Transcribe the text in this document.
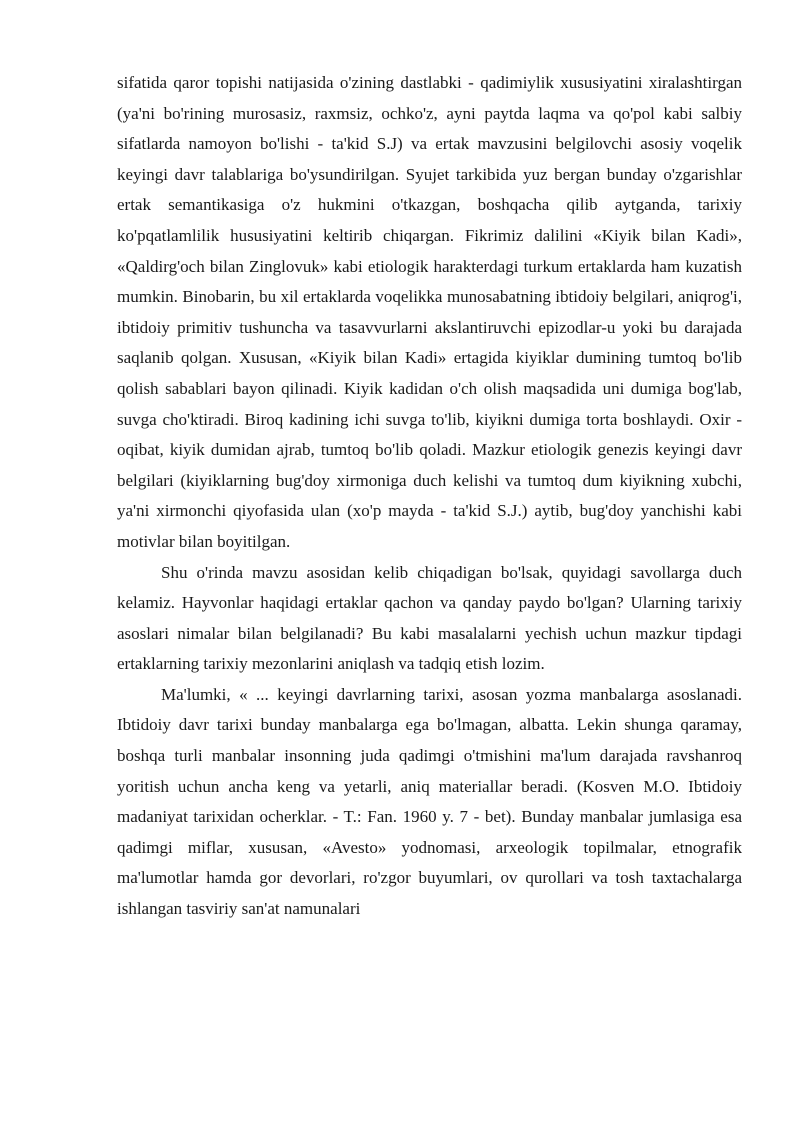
sifatida qaror topishi natijasida o'zining dastlabki - qadimiylik xususiyatini xiralashtirgan (ya'ni bo'rining murosasiz, raxmsiz, ochko'z, ayni paytda laqma va qo'pol kabi salbiy sifatlarda namoyon bo'lishi - ta'kid S.J) va ertak mavzusini belgilovchi asosiy voqelik keyingi davr talablariga bo'ysundirilgan. Syujet tarkibida yuz bergan bunday o'zgarishlar ertak semantikasiga o'z hukmini o'tkazgan, boshqacha qilib aytganda, tarixiy ko'pqatlamlilik hususiyatini keltirib chiqargan. Fikrimiz dalilini «Kiyik bilan Kadi», «Qaldirg'och bilan Zinglovuk» kabi etiologik harakterdagi turkum ertaklarda ham kuzatish mumkin. Binobarin, bu xil ertaklarda voqelikka munosabatning ibtidoiy belgilari, aniqrog'i, ibtidoiy primitiv tushuncha va tasavvurlarni akslantiruvchi epizodlar-u yoki bu darajada saqlanib qolgan. Xususan, «Kiyik bilan Kadi» ertagida kiyiklar dumining tumtoq bo'lib qolish sabablari bayon qilinadi. Kiyik kadidan o'ch olish maqsadida uni dumiga bog'lab, suvga cho'ktiradi. Biroq kadining ichi suvga to'lib, kiyikni dumiga torta boshlaydi. Oxir - oqibat, kiyik dumidan ajrab, tumtoq bo'lib qoladi. Mazkur etiologik genezis keyingi davr belgilari (kiyiklarning bug'doy xirmoniga duch kelishi va tumtoq dum kiyikning xubchi, ya'ni xirmonchi qiyofasida ulan (xo'p mayda - ta'kid S.J.) aytib, bug'doy yanchishi kabi motivlar bilan boyitilgan.

Shu o'rinda mavzu asosidan kelib chiqadigan bo'lsak, quyidagi savollarga duch kelamiz. Hayvonlar haqidagi ertaklar qachon va qanday paydo bo'lgan? Ularning tarixiy asoslari nimalar bilan belgilanadi? Bu kabi masalalarni yechish uchun mazkur tipdagi ertaklarning tarixiy mezonlarini aniqlash va tadqiq etish lozim.

Ma'lumki, « ... keyingi davrlarning tarixi, asosan yozma manbalarga asoslanadi. Ibtidoiy davr tarixi bunday manbalarga ega bo'lmagan, albatta. Lekin shunga qaramay, boshqa turli manbalar insonning juda qadimgi o'tmishini ma'lum darajada ravshanroq yoritish uchun ancha keng va yetarli, aniq materiallar beradi. (Kosven M.O. Ibtidoiy madaniyat tarixidan ocherklar. - T.: Fan. 1960 y. 7 - bet). Bunday manbalar jumlasiga esa qadimgi miflar, xususan, «Avesto» yodnomasi, arxeologik topilmalar, etnografik ma'lumotlar hamda gor devorlari, ro'zgor buyumlari, ov qurollari va tosh taxtachalarga ishlangan tasviriy san'at namunalari
